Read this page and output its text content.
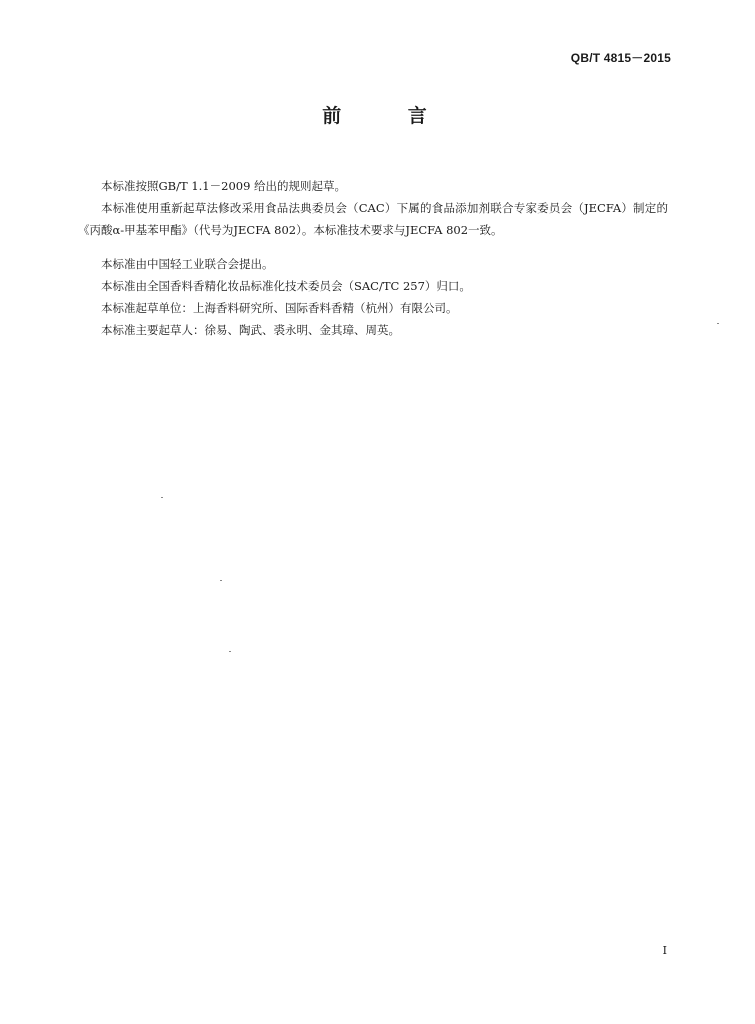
QB/T 4815－2015
前 言

本标准按照GB/T 1.1－2009 给出的规则起草。

本标准使用重新起草法修改采用食品法典委员会（CAC）下属的食品添加剂联合专家委员会（JECFA）制定的《丙酸α-甲基苯甲酯》（代号为JECFA 802）。本标准技术要求与JECFA 802一致。

本标准由中国轻工业联合会提出。

本标准由全国香料香精化妆品标准化技术委员会（SAC/TC 257）归口。

本标准起草单位：上海香料研究所、国际香料香精（杭州）有限公司。

本标准主要起草人：徐易、陶武、裘永明、金其璋、周英。

I
